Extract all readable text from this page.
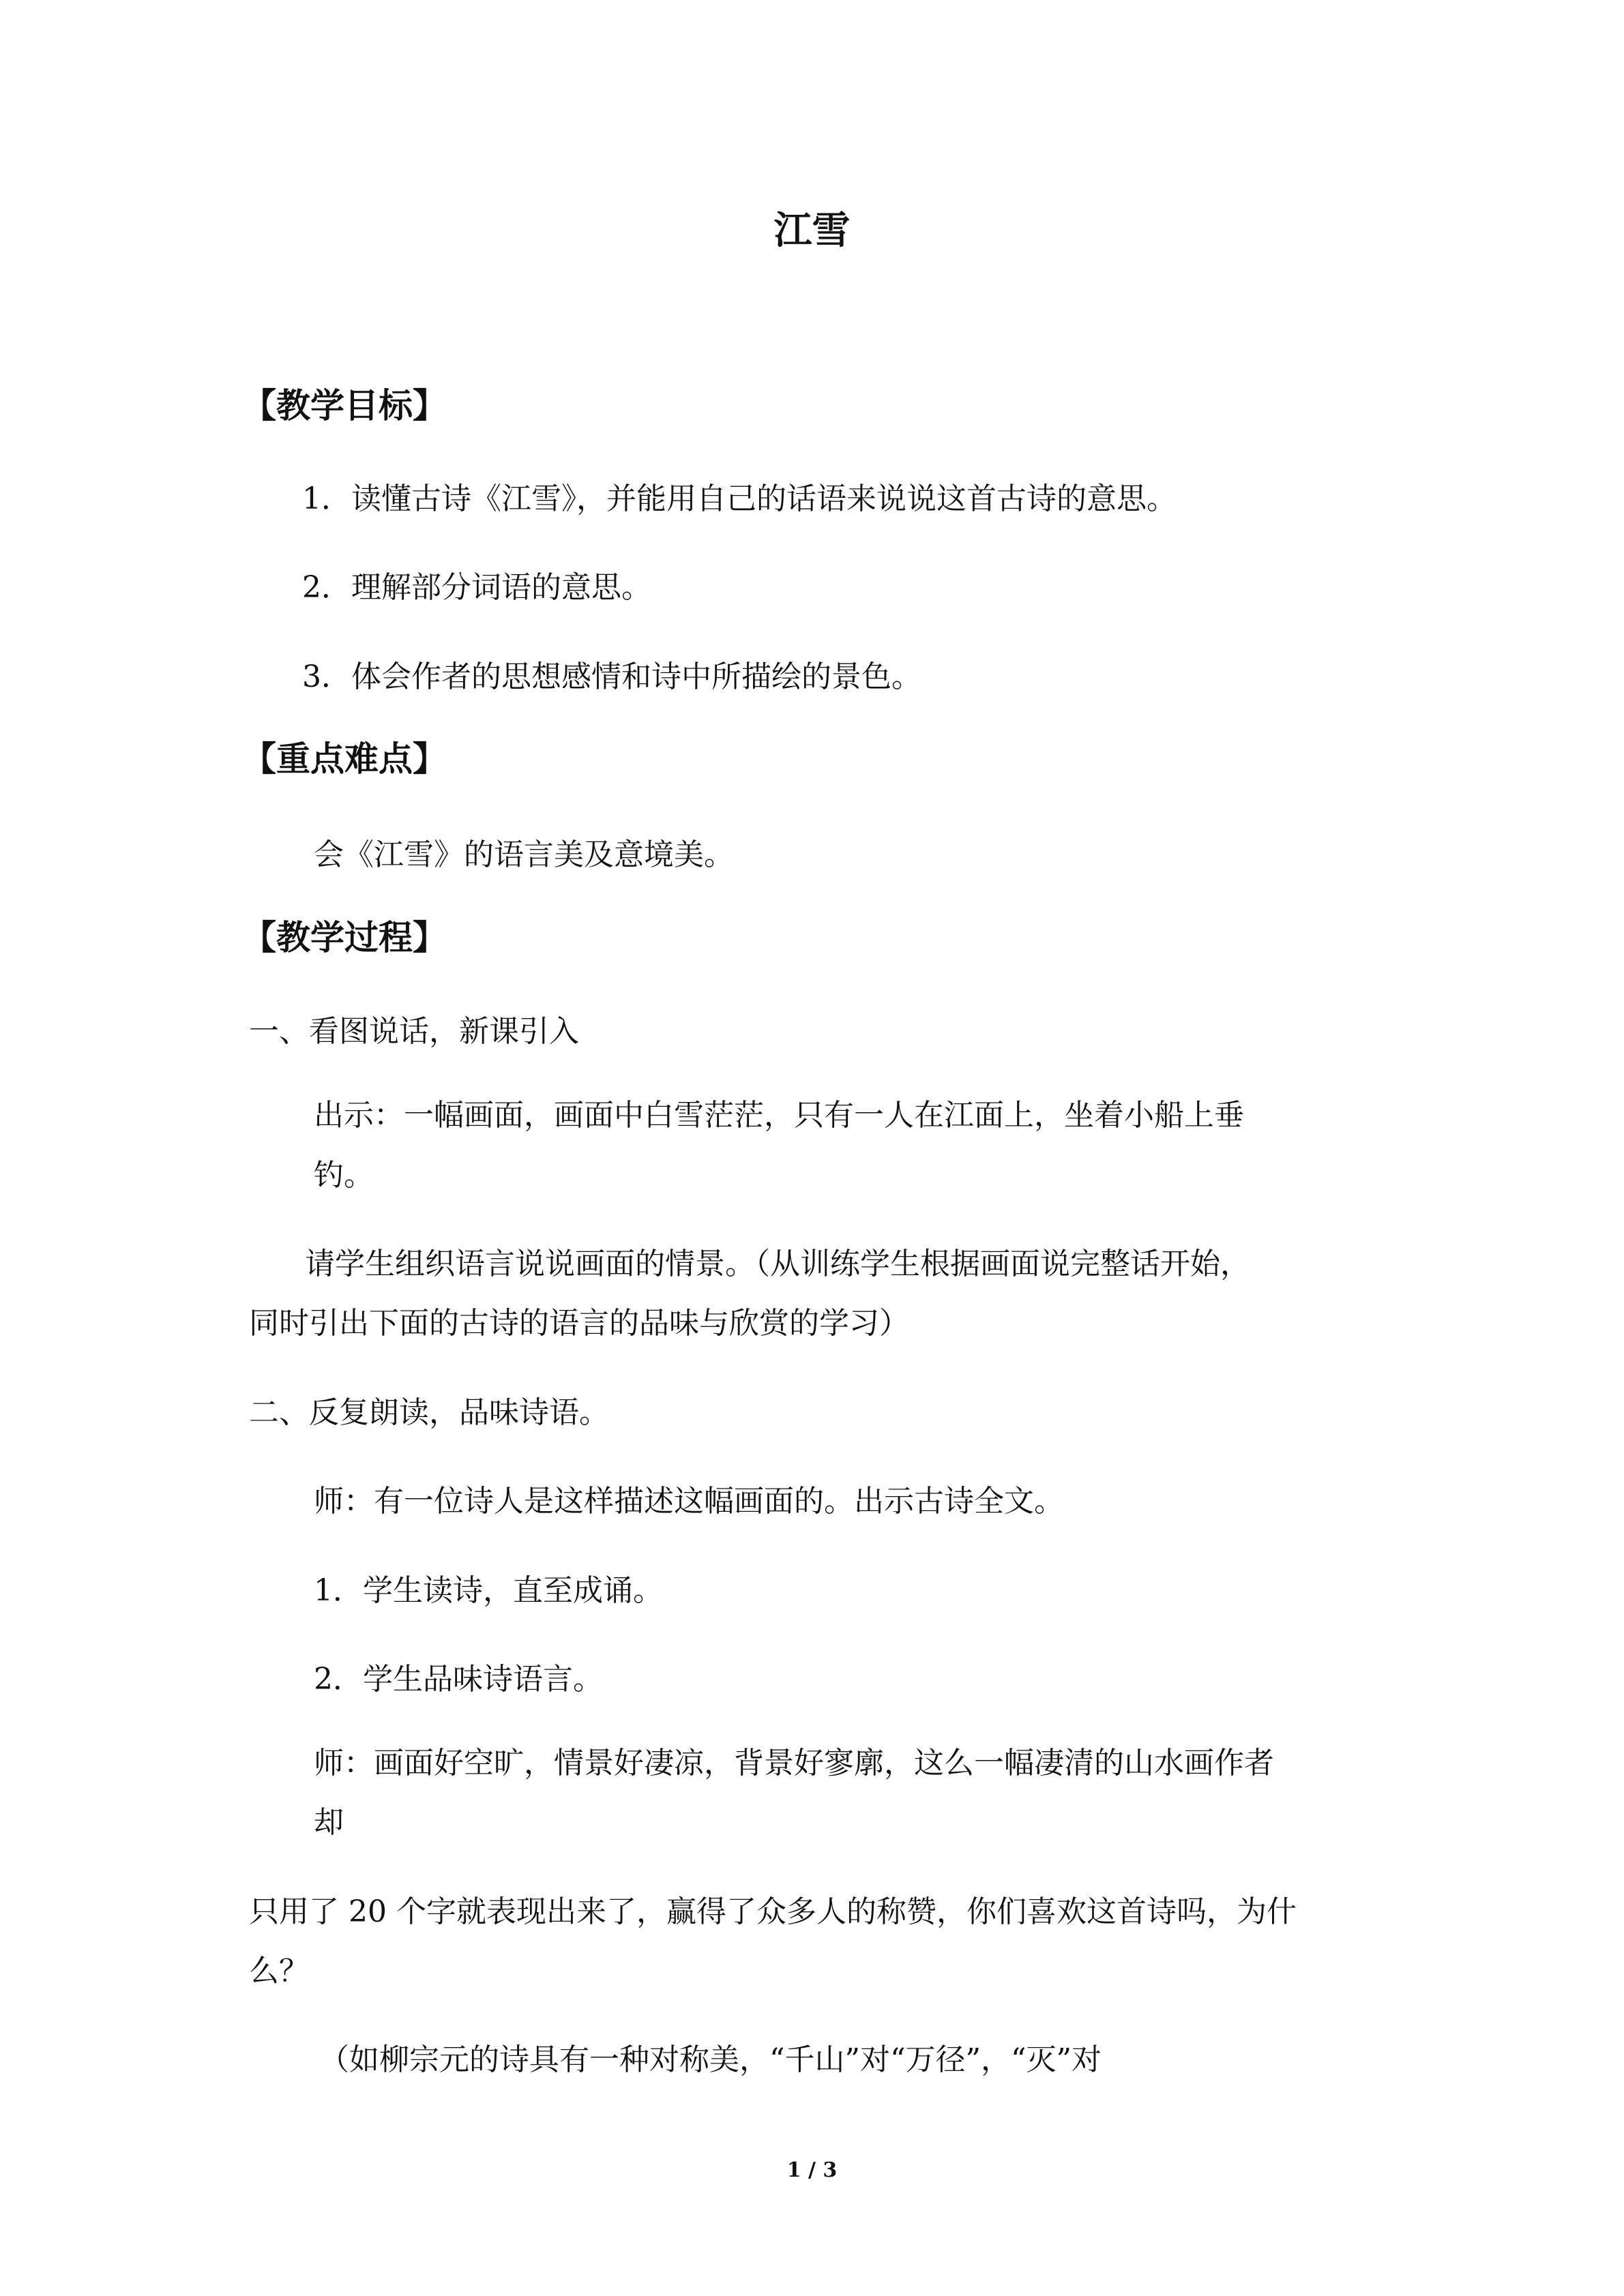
江雪
【教学目标】
1．读懂古诗《江雪》，并能用自己的话语来说说这首古诗的意思。
2．理解部分词语的意思。
3．体会作者的思想感情和诗中所描绘的景色。
【重点难点】
会《江雪》的语言美及意境美。
【教学过程】
一、看图说话，新课引入
出示：一幅画面，画面中白雪茫茫，只有一人在江面上，坐着小船上垂
钓。
请学生组织语言说说画面的情景。（从训练学生根据画面说完整话开始，
同时引出下面的古诗的语言的品味与欣赏的学习）
二、反复朗读，品味诗语。
师：有一位诗人是这样描述这幅画面的。出示古诗全文。
1．学生读诗，直至成诵。
2．学生品味诗语言。
师：画面好空旷，情景好凄凉，背景好寥廓，这么一幅凄清的山水画作者
却
只用了 20 个字就表现出来了，赢得了众多人的称赞，你们喜欢这首诗吗，为什
么？
（如柳宗元的诗具有一种对称美，“千山”对“万径”，“灭”对
1 / 3
